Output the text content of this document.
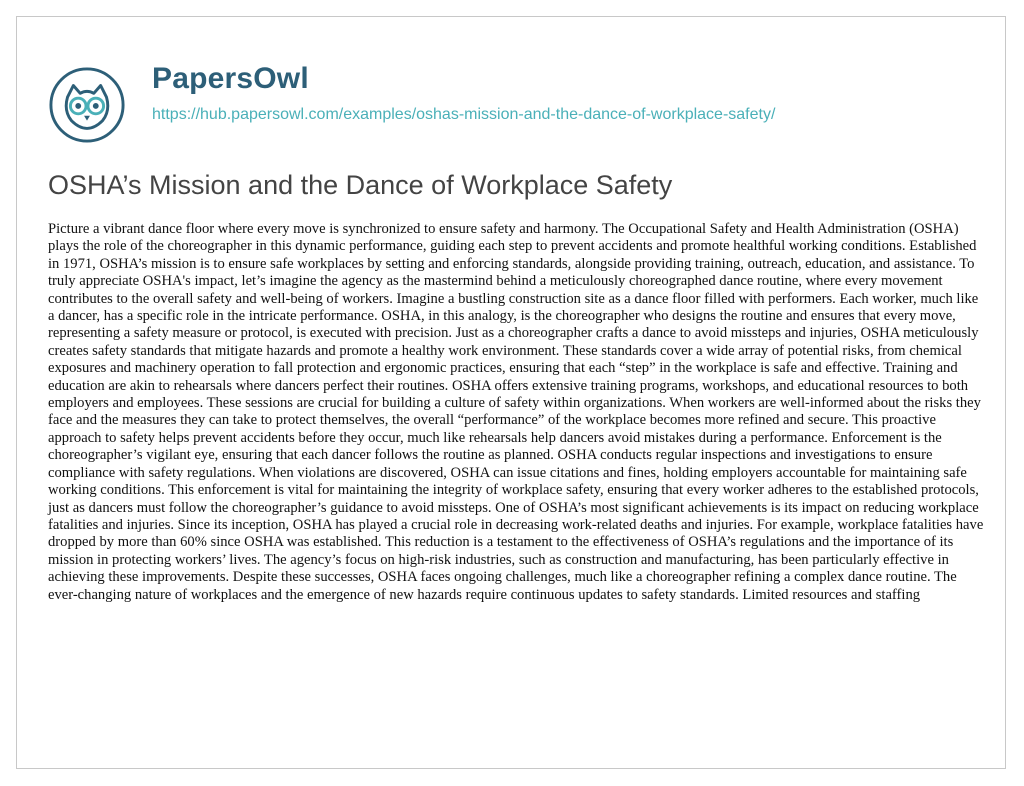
PapersOwl
https://hub.papersowl.com/examples/oshas-mission-and-the-dance-of-workplace-safety/
OSHA’s Mission and the Dance of Workplace Safety

Picture a vibrant dance floor where every move is synchronized to ensure safety and harmony. The Occupational Safety and Health Administration (OSHA) plays the role of the choreographer in this dynamic performance, guiding each step to prevent accidents and promote healthful working conditions. Established in 1971, OSHA’s mission is to ensure safe workplaces by setting and enforcing standards, alongside providing training, outreach, education, and assistance. To truly appreciate OSHA's impact, let’s imagine the agency as the mastermind behind a meticulously choreographed dance routine, where every movement contributes to the overall safety and well-being of workers. Imagine a bustling construction site as a dance floor filled with performers. Each worker, much like a dancer, has a specific role in the intricate performance. OSHA, in this analogy, is the choreographer who designs the routine and ensures that every move, representing a safety measure or protocol, is executed with precision. Just as a choreographer crafts a dance to avoid missteps and injuries, OSHA meticulously creates safety standards that mitigate hazards and promote a healthy work environment. These standards cover a wide array of potential risks, from chemical exposures and machinery operation to fall protection and ergonomic practices, ensuring that each “step” in the workplace is safe and effective. Training and education are akin to rehearsals where dancers perfect their routines. OSHA offers extensive training programs, workshops, and educational resources to both employers and employees. These sessions are crucial for building a culture of safety within organizations. When workers are well-informed about the risks they face and the measures they can take to protect themselves, the overall “performance” of the workplace becomes more refined and secure. This proactive approach to safety helps prevent accidents before they occur, much like rehearsals help dancers avoid mistakes during a performance. Enforcement is the choreographer’s vigilant eye, ensuring that each dancer follows the routine as planned. OSHA conducts regular inspections and investigations to ensure compliance with safety regulations. When violations are discovered, OSHA can issue citations and fines, holding employers accountable for maintaining safe working conditions. This enforcement is vital for maintaining the integrity of workplace safety, ensuring that every worker adheres to the established protocols, just as dancers must follow the choreographer’s guidance to avoid missteps. One of OSHA’s most significant achievements is its impact on reducing workplace fatalities and injuries. Since its inception, OSHA has played a crucial role in decreasing work-related deaths and injuries. For example, workplace fatalities have dropped by more than 60% since OSHA was established. This reduction is a testament to the effectiveness of OSHA’s regulations and the importance of its mission in protecting workers’ lives. The agency’s focus on high-risk industries, such as construction and manufacturing, has been particularly effective in achieving these improvements. Despite these successes, OSHA faces ongoing challenges, much like a choreographer refining a complex dance routine. The ever-changing nature of workplaces and the emergence of new hazards require continuous updates to safety standards. Limited resources and staffing
